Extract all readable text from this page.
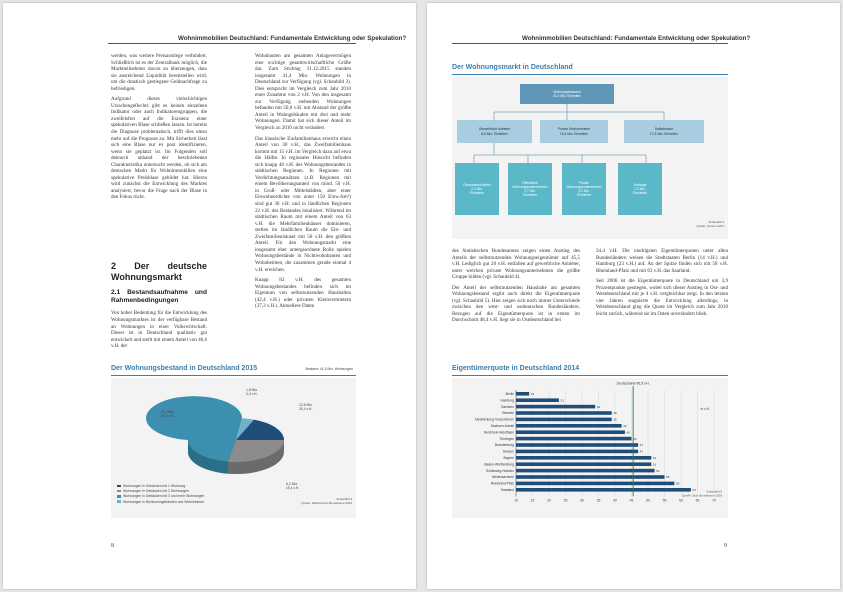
werden, was weitere Preisanstiege verhindert. Schließlich ist es der Zentralbank möglich, die Marktteilnehmer davon zu überzeugen, dass sie ausreichend Liquidität bereitstellen wird, um die drastisch gestiegene Geldnachfrage zu befriedigen.

Aufgrund dieses vielschichtigen Ursachengeflechts gibt es keinen einzelnen Indikator oder auch Indikatorengruppen, die zweifelsfrei auf die Existenz einer spekulativen Blase schließen lassen. Ist bereits die Diagnose problematisch, trifft dies umso mehr auf die Prognose zu. Mit Sicherheit lässt sich eine Blase nur ex post identifizieren, wenn sie geplatzt ist. Im Folgenden soll dennoch anhand der beschriebenen Charakteristika untersucht werden, ob sich am deutschen Markt für Wohnimmobilien eine spekulative Preisblase gebildet hat. Hierzu wird zunächst die Entwicklung des Marktes analysiert, bevor die Frage nach der Blase in den Fokus rückt.

2 Der deutsche Wohnungsmarkt
2.1 Bestandsaufnahme und Rahmenbedingungen

Von hoher Bedeutung für die Entwicklung des Wohnungsmarktes ist der verfügbare Bestand an Wohnungen in einer Volkswirtschaft. Dieser ist in Deutschland qualitativ gut entwickelt und stellt mit einem Anteil von 46,6 v.H. der

Wohnbauten am gesamten Anlagevermögen eine wichtige gesamtwirtschaftliche Größe dar. Zum Stichtag 31.12.2015 standen insgesamt 41,4 Mio. Wohnungen in Deutschland zur Verfügung (vgl. Schaubild 3). Dies entspricht im Vergleich zum Jahr 2010 einer Zunahme von 2 v.H. Von den insgesamt zur Verfügung stehenden Wohnungen befanden mit 50,6 v.H. mit Abstand der größte Anteil in Wohngebäuden mit drei und mehr Wohnungen. Damit hat sich dieser Anteil im Vergleich zu 2010 nicht verändert.

Das klassische Einfamilienhaus erreicht einen Anteil von 30 v.H., das Zweifamilienhaus kommt mit 15 v.H. im Vergleich dazu auf etwa die Hälfte. In regionaler Hinsicht befinden sich knapp 48 v.H. des Wohnungsbestandes in städtischen Regionen. In Regionen mit Verdichtungsansätzen (z.B. Regionen mit einem Bevölkerungsanteil von mind. 50 v.H. in Groß- oder Mittelstädten, aber einer Einwohnerdichte von unter 150 Einw./km²) sind gut 30 v.H. und in ländlichen Regionen 22 v.H. des Bestandes lokalisiert. Während im städtischen Raum mit einem Anteil von 63 v.H. die Mehrfamilienhäuser dominieren, stellen im ländlichen Raum die Ein- und Zweifamilienhäuser mit 58 v.H. den größten Anteil. Für den Wohnungsmarkt eine insgesamt eher untergeordnete Rolle spielen Wohnungsbestände in Nichtwohnbauten und Wohnheimen, die zusammen gerade einmal 4 v.H. erreichen.

Knapp 82 v.H. des gesamten Wohnungsbestandes befinden sich im Eigentum von selbstnutzenden Haushalten (42,4 v.H.) oder privaten Kleinvermietern (37,3 v.H.). Aktuellere Daten

Der Wohnungsbestand in Deutschland 2015	Bestand: 41,4 Mio. Wohnungen
1,8 Mio.
4,4 v.H.
12,6 Mio.
30,4 v.H.
6,2 Mio.
15,1 v.H.
21,2 Mio.
50,6 v.H.
Wohnungen in Gebäuden mit 1 Wohnung
Wohnungen in Gebäuden mit 2 Wohnungen
Wohnungen in Gebäuden mit 3 und mehr Wohnungen
Wohnungen in Nichtwohngebäuden und Wohnheimen
Schaubild 3
Quelle: Statistisches Bundesamt 2016
8
Wohnimmobilien Deutschland: Fundamentale Entwicklung oder Spekulation?
Der Wohnungsmarkt in Deutschland
Wohnungsbestand
41,4 Mio. Einheiten
Gewerbliche Anbieter
6,6 Mio. Einheiten
Private Kleinvermieter
15,4 Mio. Einheiten
Selbstnutzer
17,5 Mio. Einheiten
Genossenschaften
2,2 Mio.
Einheiten
Öffentliche Wohnungsunternehmen
2,7 Mio.
Einheiten
Private Wohnungsunternehmen
3,2 Mio.
Einheiten
Sonstige
1,3 Mio.
Einheiten
Schaubild 4
Quelle: Zensus 2011

des Statistischen Bundesamtes zeigen einen Anstieg des Anteils der selbstnutzenden Wohnungseigentümer auf 45,5 v.H. Lediglich gut 20 v.H. entfallen auf gewerbliche Anbieter, unter welchen private Wohnungsunternehmen die größte Gruppe bilden (vgl. Schaubild 4).

Der Anteil der selbstnutzenden Haushalte am gesamten Wohnungsbestand ergibt auch direkt die Eigentümerquote (vgl. Schaubild 5). Hier zeigen sich noch immer Unterschiede zwischen den west- und ostdeutschen Bundesländern. Bezogen auf die Eigentümerquote ist in ersten im Durchschnitt 48,4 v.H. liegt sie in Ostdeutschland bei

34,4 v.H. Die niedrigsten Eigentümerquoten unter allen Bundesländern weisen die Stadtstaaten Berlin (14 v.H.) und Hamburg (23 v.H.) auf. An der Spitze finden sich mit 58 v.H. Rheinland-Pfalz und mit 63 v.H. das Saarland.

Seit 2006 ist die Eigentümerquote in Deutschland um 3,9 Prozentpunkte gestiegen, wobei sich dieser Anstieg in Ost- und Westdeutschland mit je 4 v.H. vergleichbar zeigt. In den letzten vier Jahren stagnierte die Entwicklung allerdings, in Westdeutschland ging die Quote im Vergleich zum Jahr 2010 leicht zurück, während sie im Osten unverändert blieb.

Eigentümerquote in Deutschland 2014
10	15	20	25	30	35	40	45	50	55	60	65	70
Berlin	14
Hamburg	23
Sachsen	34
Bremen	39
Mecklenburg-Vorpommern	39
Sachsen-Anhalt	42
Nordrhein-Westfalen	43
Thüringen	45
Brandenburg	47
Hessen	47
Bayern	51
Baden-Württemberg	51
Schleswig-Holstein	52
Niedersachsen	55
Rheinland-Pfalz	58
Saarland	63
Deutschland 45,5 v.H.
in v.H.
Schaubild 5
Quelle: Stat. Bundesamt 2016
9
Wohnimmobilien Deutschland: Fundamentale Entwicklung oder Spekulation?
